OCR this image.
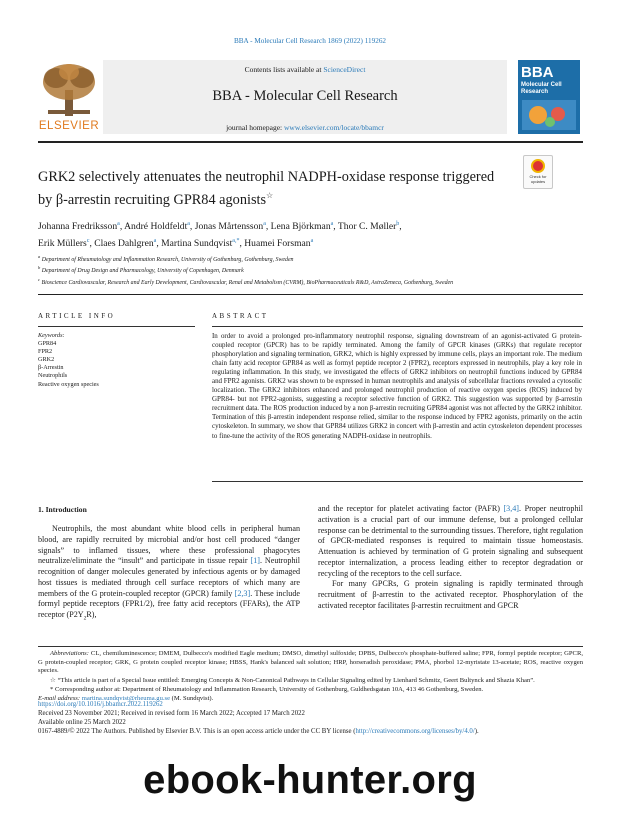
BBA - Molecular Cell Research 1869 (2022) 119262
ELSEVIER
Contents lists available at ScienceDirect
BBA - Molecular Cell Research
journal homepage: www.elsevier.com/locate/bbamcr
BBA
Molecular Cell Research
Check for updates
GRK2 selectively attenuates the neutrophil NADPH-oxidase response triggered by β-arrestin recruiting GPR84 agonists☆
Johanna Fredriksson$^a$, André Holdfeldt$^a$, Jonas Mårtensson$^a$, Lena Björkman$^a$, Thor C. Møller$^b$,
Erik Müllers$^c$, Claes Dahlgren$^a$, Martina Sundqvist$^{a,*}$, Huamei Forsman$^a$
$^a$ Department of Rheumatology and Inflammation Research, University of Gothenburg, Gothenburg, Sweden
$^b$ Department of Drug Design and Pharmacology, University of Copenhagen, Denmark
$^c$ Bioscience Cardiovascular, Research and Early Development, Cardiovascular, Renal and Metabolism (CVRM), BioPharmaceuticals R&D, AstraZeneca, Gothenburg, Sweden
ARTICLE INFO	ABSTRACT
Keywords:
GPR84
FPR2
GRK2
β-Arrestin
Neutrophils
Reactive oxygen species
In order to avoid a prolonged pro-inflammatory neutrophil response, signaling downstream of an agonist-activated G protein-coupled receptor (GPCR) has to be rapidly terminated. Among the family of GPCR kinases (GRKs) that regulate receptor phosphorylation and signaling termination, GRK2, which is highly expressed by immune cells, plays an important role. The medium chain fatty acid receptor GPR84 as well as formyl peptide receptor 2 (FPR2), receptors expressed in neutrophils, play a key role in regulating inflammation. In this study, we investigated the effects of GRK2 inhibitors on neutrophil functions induced by GPR84 and FPR2 agonists. GRK2 was shown to be expressed in human neutrophils and analysis of subcellular fractions revealed a cytosolic localization. The GRK2 inhibitors enhanced and prolonged neutrophil production of reactive oxygen species (ROS) induced by GPR84- but not FPR2-agonists, suggesting a receptor selective function of GRK2. This suggestion was supported by β-arrestin recruitment data. The ROS production induced by a non β-arrestin recruiting GPR84 agonist was not affected by the GRK2 inhibitor. Termination of this β-arrestin independent response relied, similar to the response induced by FPR2 agonists, primarily on the actin cytoskeleton. In summary, we show that GPR84 utilizes GRK2 in concert with β-arrestin and actin cytoskeleton dependent processes to fine-tune the activity of the ROS generating NADPH-oxidase in neutrophils.
1. Introduction

Neutrophils, the most abundant white blood cells in peripheral human blood, are rapidly recruited by microbial and/or host cell produced “danger signals” to inflamed tissues, where these professional phagocytes neutralize/eliminate the “insult” and participate in tissue repair [1]. Neutrophil recognition of danger molecules generated by infectious agents or by damaged host tissues is mediated through cell surface receptors of which many are members of the G protein-coupled receptor (GPCR) family [2,3]. These include formyl peptide receptors (FPR1/2), free fatty acid receptors (FFARs), the ATP receptor $(P2Y_2R)$,

and the receptor for platelet activating factor (PAFR) [3,4]. Proper neutrophil activation is a crucial part of our immune defense, but a prolonged cellular response can be detrimental to the surrounding tissues. Therefore, tight regulation of GPCR-mediated responses is required to maintain tissue homeostasis. Attenuation is achieved by termination of G protein signaling and subsequent receptor internalization, a process leading either to receptor degradation or recycling of the receptors to the cell surface.

For many GPCRs, G protein signaling is rapidly terminated through recruitment of β-arrestin to the activated receptor. Phosphorylation of the activated receptor facilitates β-arrestin recruitment and GPCR

Abbreviations: CL, chemiluminescence; DMEM, Dulbecco's modified Eagle medium; DMSO, dimethyl sulfoxide; DPBS, Dulbecco's phosphate-buffered saline; FPR, formyl peptide receptor; GPCR, G protein-coupled receptor; GRK, G protein coupled receptor kinase; HBSS, Hank's balanced salt solution; HRP, horseradish peroxidase; PMA, phorbol 12-myristate 13-acetate; ROS, reactive oxygen species.

☆ “This article is part of a Special Issue entitled: Emerging Concepts & Non-Canonical Pathways in Cellular Signaling edited by Lienhard Schmitz, Geert Bultynck and Shazia Khan”.

* Corresponding author at: Department of Rheumatology and Inflammation Research, University of Gothenburg, Guldhedsgatan 10A, 413 46 Gothenburg, Sweden.
E-mail address: martina.sundqvist@rheuma.gu.se (M. Sundqvist).

https://doi.org/10.1016/j.bbamcr.2022.119262
Received 23 November 2021; Received in revised form 16 March 2022; Accepted 17 March 2022
Available online 25 March 2022
0167-4889/© 2022 The Authors. Published by Elsevier B.V. This is an open access article under the CC BY license (http://creativecommons.org/licenses/by/4.0/).
ebook-hunter.org
